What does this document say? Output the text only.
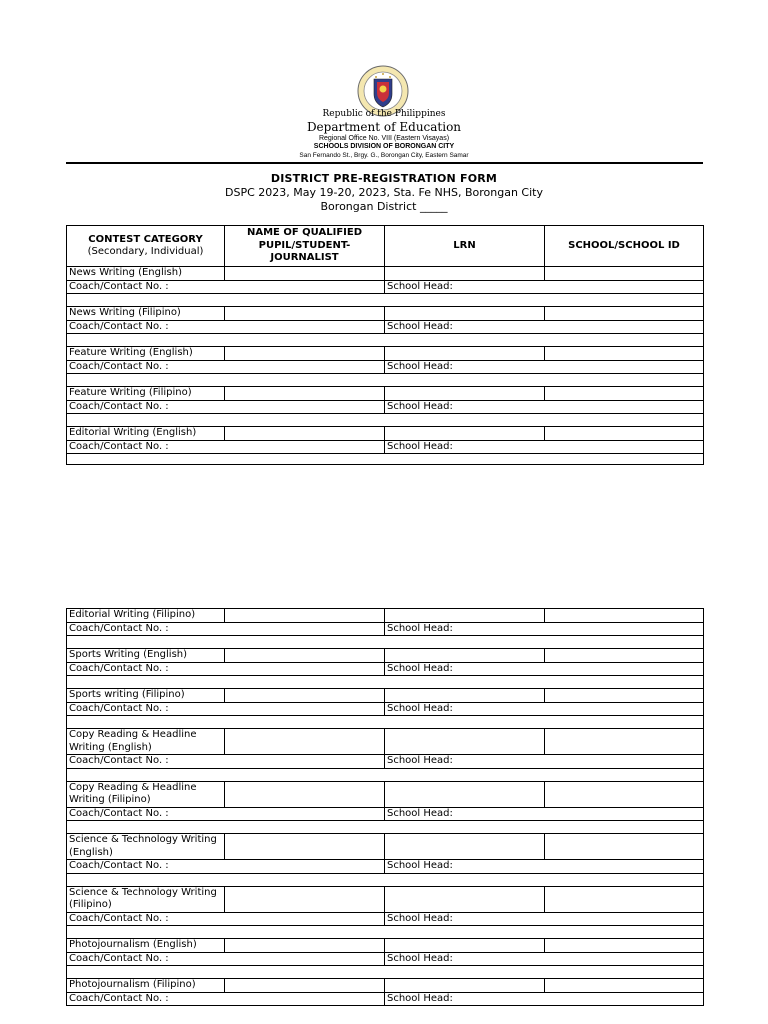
Republic of the Philippines
Department of Education
Regional Office No. VIII (Eastern Visayas)
SCHOOLS DIVISION OF BORONGAN CITY
San Fernando St., Brgy. G., Borongan City, Eastern Samar
DISTRICT PRE-REGISTRATION FORM
DSPC 2023, May 19-20, 2023, Sta. Fe NHS, Borongan City
Borongan District _____
CONTEST CATEGORY
(Secondary, Individual)	NAME OF QUALIFIED PUPIL/STUDENT-JOURNALIST	LRN	SCHOOL/SCHOOL ID
News Writing (English)			
Coach/Contact No. :		School Head:	

News Writing (Filipino)			
Coach/Contact No. :		School Head:	

Feature Writing (English)			
Coach/Contact No. :		School Head:	

Feature Writing (Filipino)			
Coach/Contact No. :		School Head:	

Editorial Writing (English)			
Coach/Contact No. :		School Head:	

Editorial Writing (Filipino)			
Coach/Contact No. :		School Head:	

Sports Writing (English)			
Coach/Contact No. :		School Head:	

Sports writing (Filipino)			
Coach/Contact No. :		School Head:	

Copy Reading & Headline Writing (English)			
Coach/Contact No. :		School Head:	

Copy Reading & Headline Writing (Filipino)			
Coach/Contact No. :		School Head:	

Science & Technology Writing (English)			
Coach/Contact No. :		School Head:	

Science & Technology Writing (Filipino)			
Coach/Contact No. :		School Head:	

Photojournalism (English)			
Coach/Contact No. :		School Head:	

Photojournalism (Filipino)			
Coach/Contact No. :		School Head:	
